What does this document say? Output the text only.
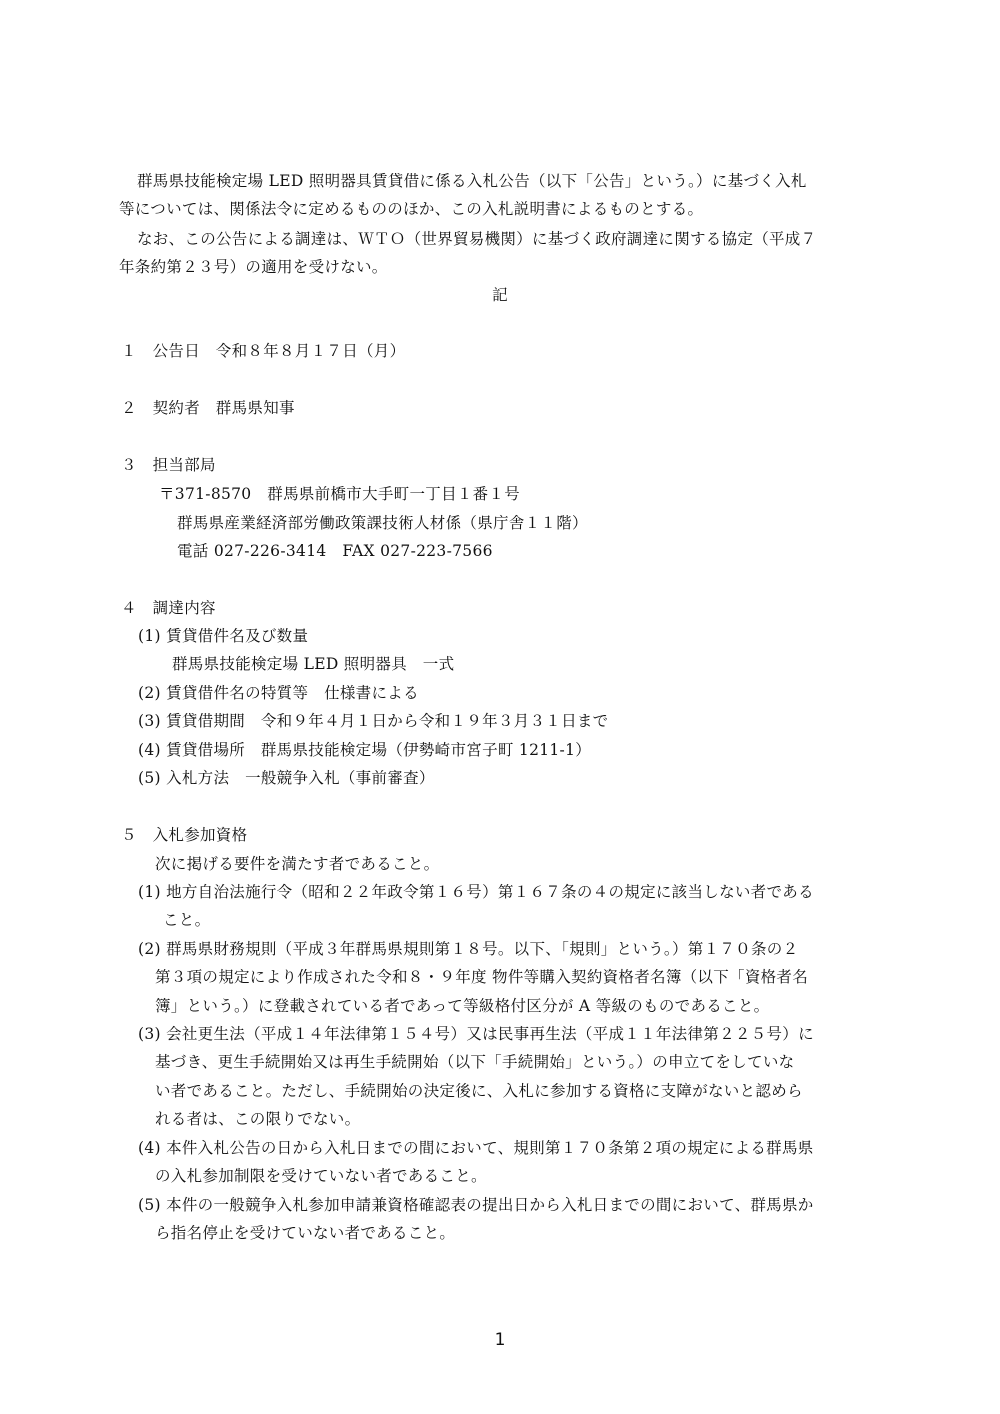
群馬県技能検定場 LED 照明器具賃貸借に係る入札公告（以下「公告」という。）に基づく入札
等については、関係法令に定めるもののほか、この入札説明書によるものとする。
なお、この公告による調達は、ＷＴＯ（世界貿易機関）に基づく政府調達に関する協定（平成７
年条約第２３号）の適用を受けない。
記
１　公告日　令和８年８月１７日（月）
２　契約者　群馬県知事
３　担当部局
〒371-8570　群馬県前橋市大手町一丁目１番１号
群馬県産業経済部労働政策課技術人材係（県庁舎１１階）
電話 027-226-3414　FAX 027-223-7566
４　調達内容
(1) 賃貸借件名及び数量
群馬県技能検定場 LED 照明器具　一式
(2) 賃貸借件名の特質等　仕様書による
(3) 賃貸借期間　令和９年４月１日から令和１９年３月３１日まで
(4) 賃貸借場所　群馬県技能検定場（伊勢崎市宮子町 1211-1）
(5) 入札方法　一般競争入札（事前審査）
５　入札参加資格
次に掲げる要件を満たす者であること。
(1) 地方自治法施行令（昭和２２年政令第１６号）第１６７条の４の規定に該当しない者である
こと。
(2) 群馬県財務規則（平成３年群馬県規則第１８号。以下、「規則」という。）第１７０条の２
第３項の規定により作成された令和８・９年度 物件等購入契約資格者名簿（以下「資格者名
簿」という。）に登載されている者であって等級格付区分が A 等級のものであること。
(3) 会社更生法（平成１４年法律第１５４号）又は民事再生法（平成１１年法律第２２５号）に
基づき、更生手続開始又は再生手続開始（以下「手続開始」という。）の申立てをしていな
い者であること。ただし、手続開始の決定後に、入札に参加する資格に支障がないと認めら
れる者は、この限りでない。
(4) 本件入札公告の日から入札日までの間において、規則第１７０条第２項の規定による群馬県
の入札参加制限を受けていない者であること。
(5) 本件の一般競争入札参加申請兼資格確認表の提出日から入札日までの間において、群馬県か
ら指名停止を受けていない者であること。
1
